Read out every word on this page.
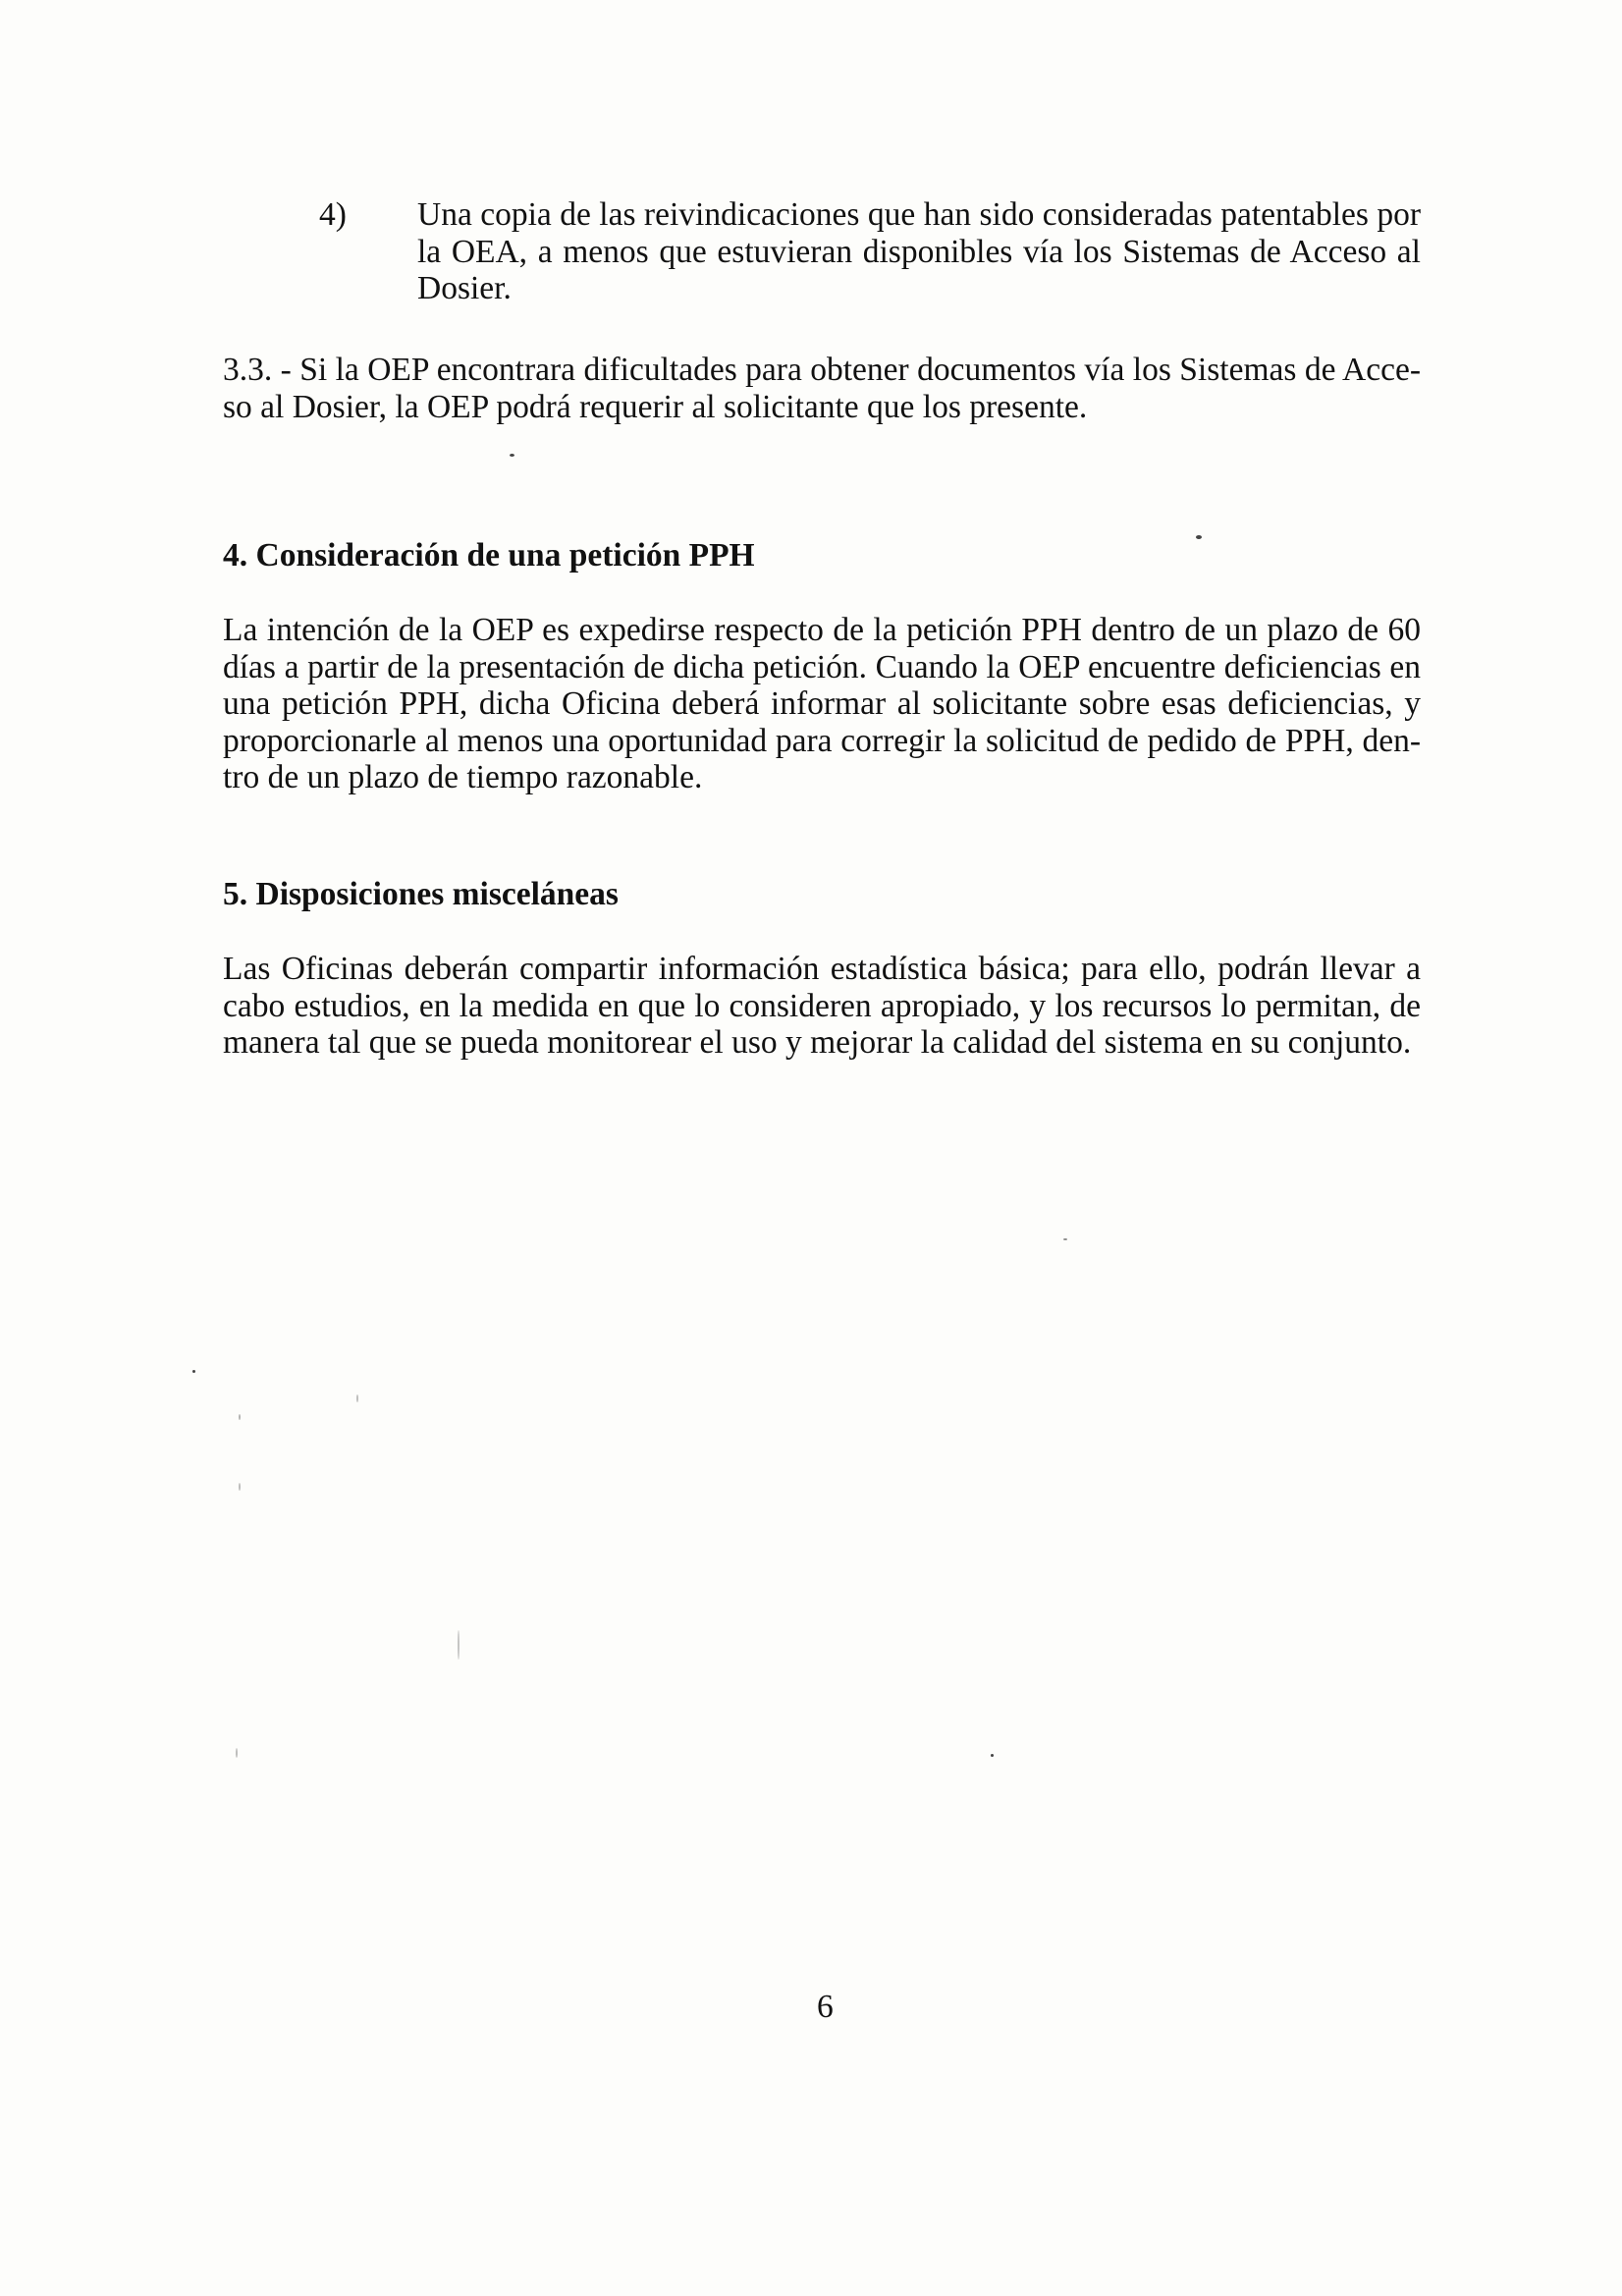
4) Una copia de las reivindicaciones que han sido consideradas patentables por la OEA, a menos que estuvieran disponibles vía los Sistemas de Acceso al Dosier.

3.3. - Si la OEP encontrara dificultades para obtener documentos vía los Sistemas de Acce-so al Dosier, la OEP podrá requerir al solicitante que los presente.

4. Consideración de una petición PPH

La intención de la OEP es expedirse respecto de la petición PPH dentro de un plazo de 60 días a partir de la presentación de dicha petición. Cuando la OEP encuentre deficiencias en una petición PPH, dicha Oficina deberá informar al solicitante sobre esas deficiencias, y proporcionarle al menos una oportunidad para corregir la solicitud de pedido de PPH, den-tro de un plazo de tiempo razonable.

5. Disposiciones misceláneas

Las Oficinas deberán compartir información estadística básica; para ello, podrán llevar a cabo estudios, en la medida en que lo consideren apropiado, y los recursos lo permitan, de manera tal que se pueda monitorear el uso y mejorar la calidad del sistema en su conjunto.

6
